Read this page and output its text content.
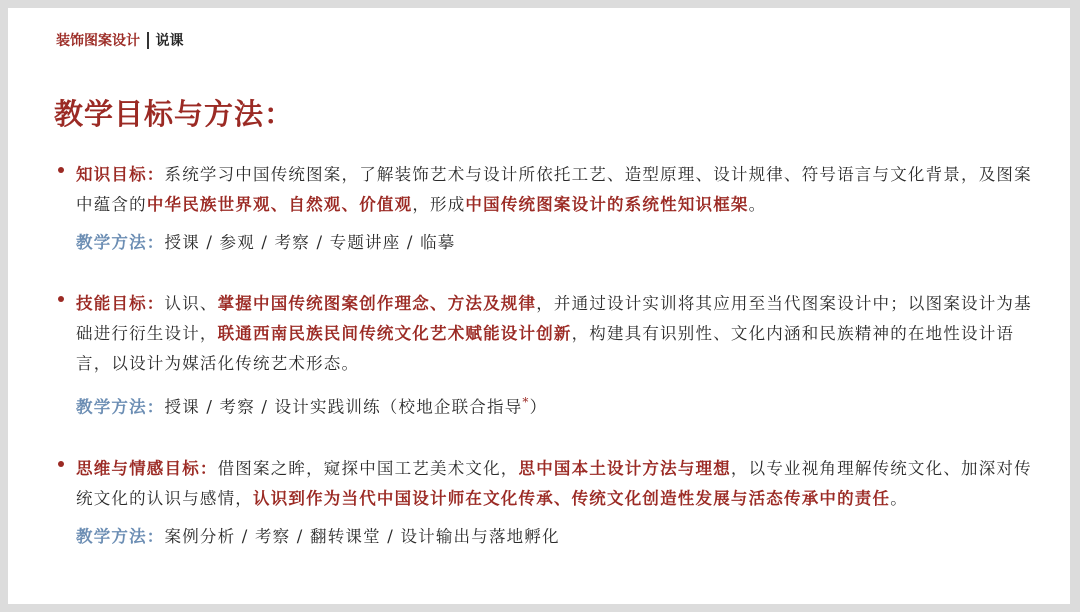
装饰图案设计 说课
教学目标与方法：

知识目标：系统学习中国传统图案，了解装饰艺术与设计所依托工艺、造型原理、设计规律、符号语言与文化背景，及图案中蕴含的中华民族世界观、自然观、价值观，形成中国传统图案设计的系统性知识框架。

教学方法：授课 / 参观 / 考察 / 专题讲座 / 临摹

技能目标：认识、掌握中国传统图案创作理念、方法及规律，并通过设计实训将其应用至当代图案设计中；以图案设计为基础进行衍生设计，联通西南民族民间传统文化艺术赋能设计创新，构建具有识别性、文化内涵和民族精神的在地性设计语言，以设计为媒活化传统艺术形态。

教学方法：授课 / 考察 / 设计实践训练（校地企联合指导*）

思维与情感目标：借图案之眸，窥探中国工艺美术文化，思中国本土设计方法与理想，以专业视角理解传统文化、加深对传统文化的认识与感情，认识到作为当代中国设计师在文化传承、传统文化创造性发展与活态传承中的责任。

教学方法：案例分析 / 考察 / 翻转课堂 / 设计输出与落地孵化
